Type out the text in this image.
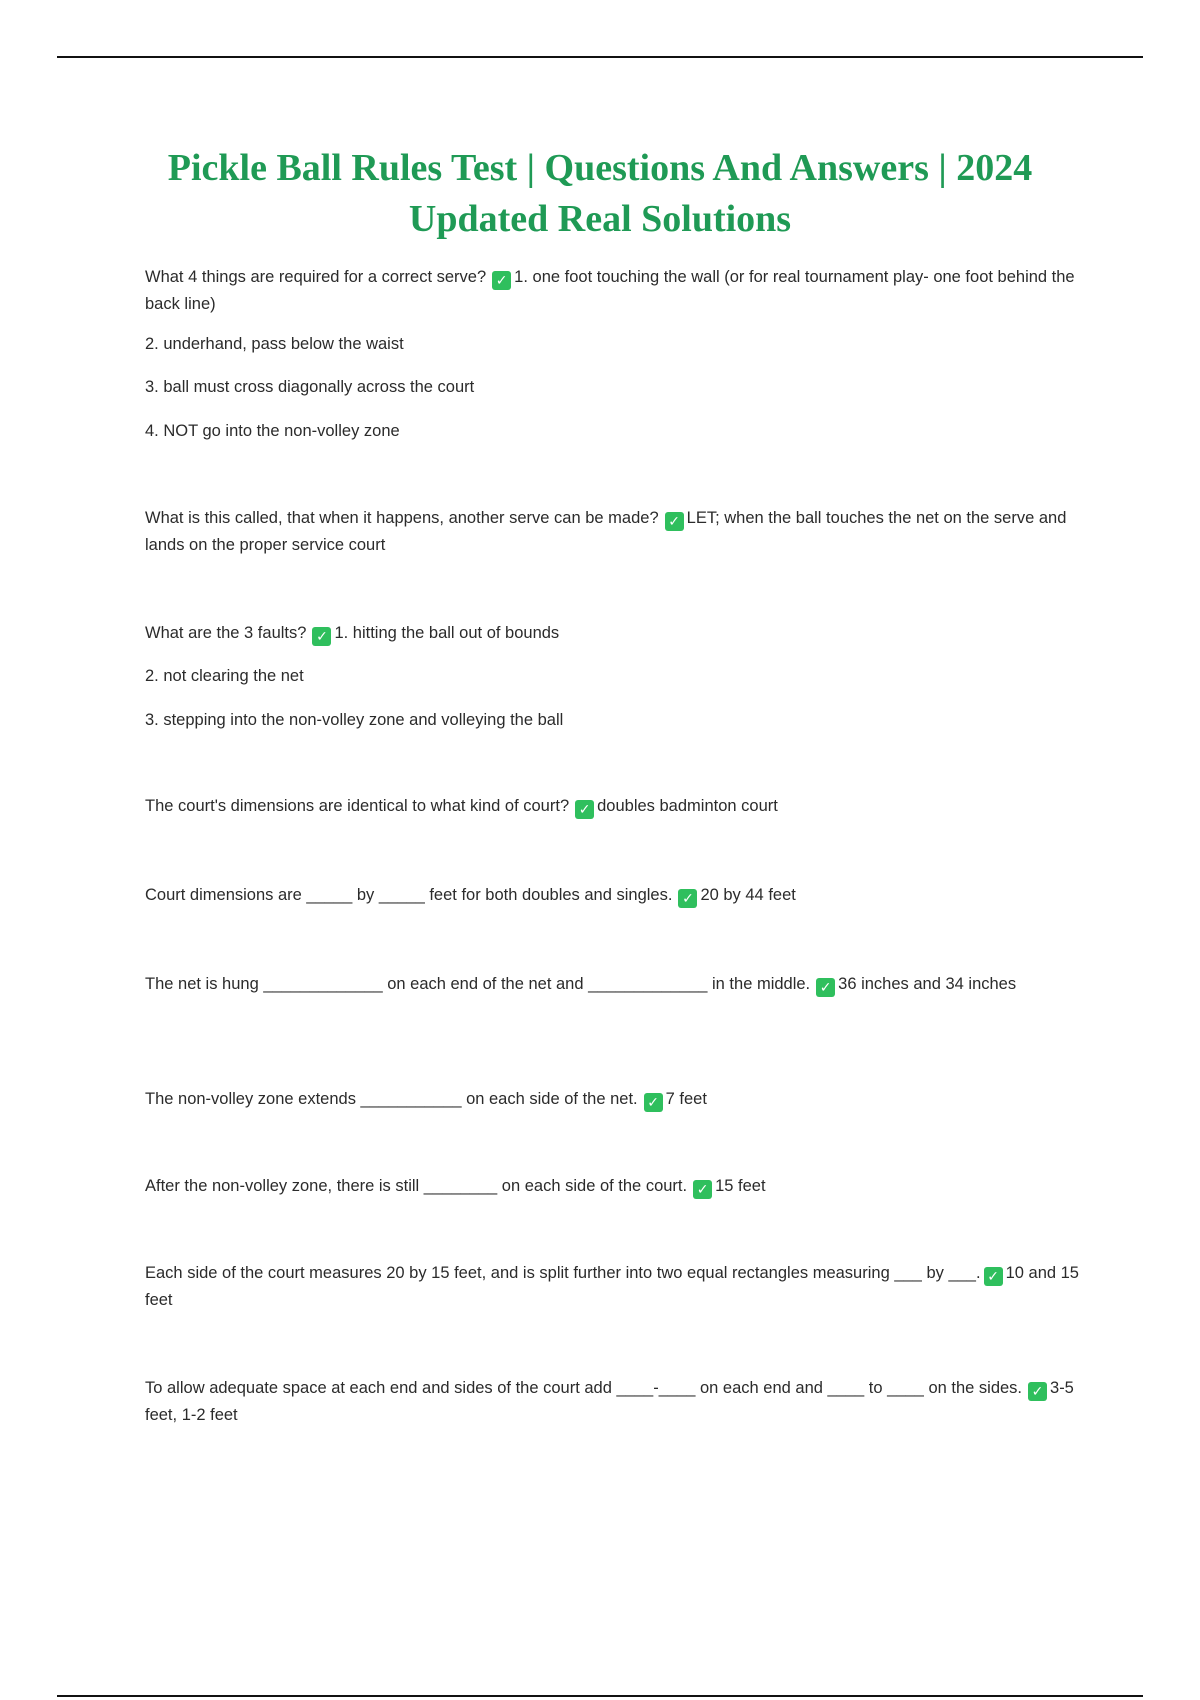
Pickle Ball Rules Test | Questions And Answers | 2024
Updated Real Solutions
What 4 things are required for a correct serve? ✓ 1. one foot touching the wall (or for real tournament play- one foot behind the back line)
2. underhand, pass below the waist
3. ball must cross diagonally across the court
4. NOT go into the non-volley zone
What is this called, that when it happens, another serve can be made? ✓ LET; when the ball touches the net on the serve and lands on the proper service court
What are the 3 faults? ✓ 1. hitting the ball out of bounds
2. not clearing the net
3. stepping into the non-volley zone and volleying the ball
The court's dimensions are identical to what kind of court? ✓ doubles badminton court
Court dimensions are _____ by _____ feet for both doubles and singles. ✓ 20 by 44 feet
The net is hung _____________ on each end of the net and _____________ in the middle. ✓ 36 inches and 34 inches
The non-volley zone extends ___________ on each side of the net. ✓ 7 feet
After the non-volley zone, there is still ________ on each side of the court. ✓ 15 feet
Each side of the court measures 20 by 15 feet, and is split further into two equal rectangles measuring ___ by ___. ✓ 10 and 15 feet
To allow adequate space at each end and sides of the court add ____-____ on each end and ____ to ____ on the sides. ✓ 3-5 feet, 1-2 feet
